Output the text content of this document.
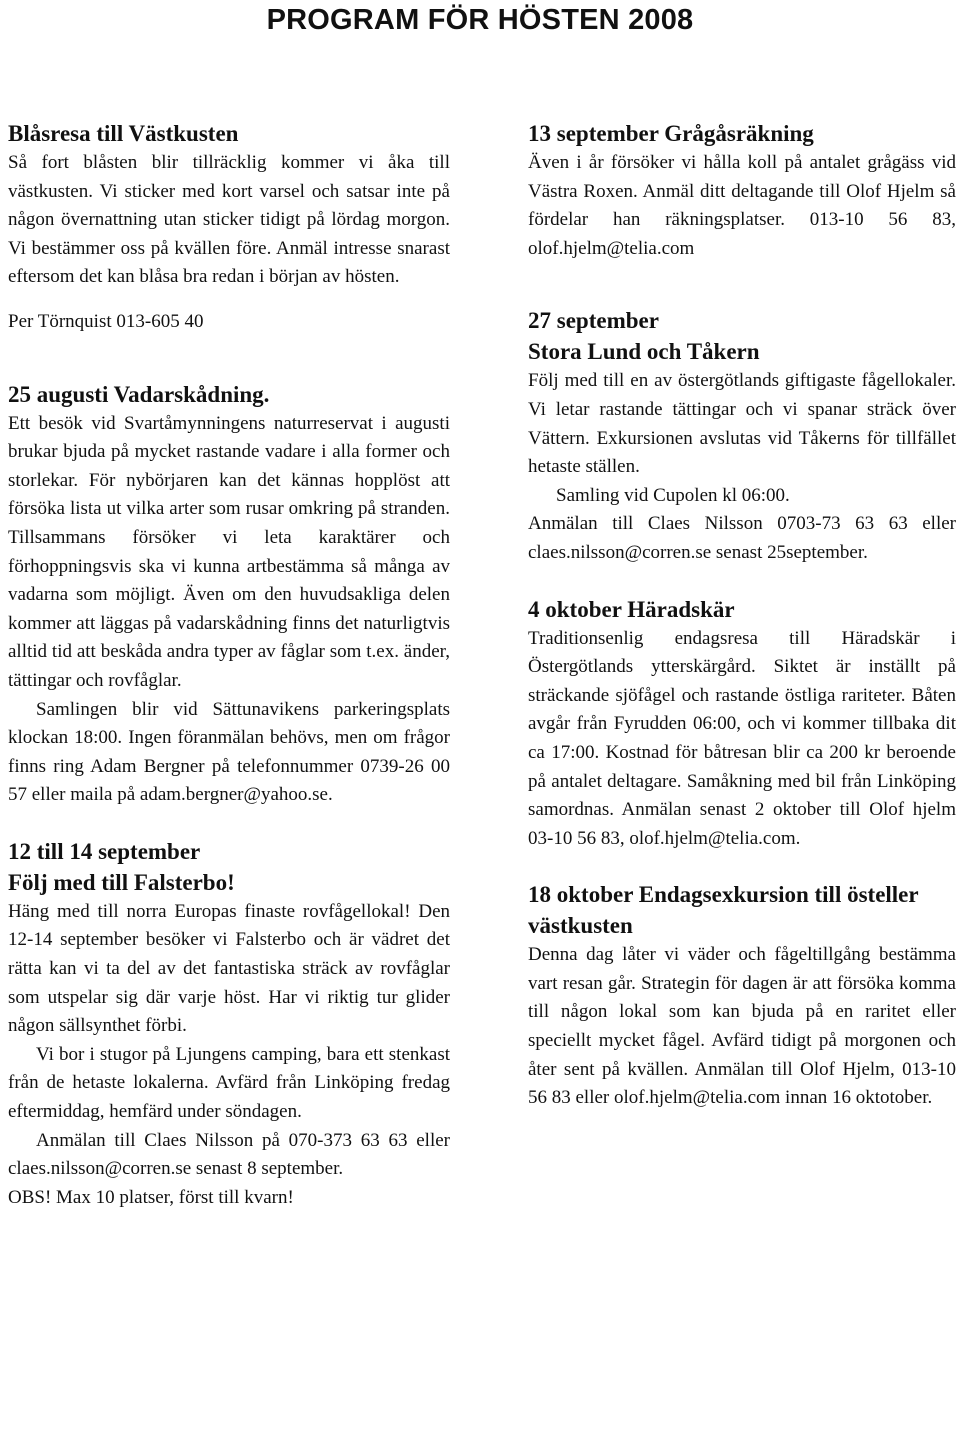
PROGRAM FÖR HÖSTEN 2008
Blåsresa till Västkusten

Så fort blåsten blir tillräcklig kommer vi åka till västkusten. Vi sticker med kort varsel och satsar inte på någon övernattning utan sticker tidigt på lördag morgon. Vi bestämmer oss på kvällen före. Anmäl intresse snarast eftersom det kan blåsa bra redan i början av hösten.

Per Törnquist 013-605 40

25 augusti Vadarskådning.

Ett besök vid Svartåmynningens naturreservat i augusti brukar bjuda på mycket rastande vadare i alla former och storlekar. För nybörjaren kan det kännas hopplöst att försöka lista ut vilka arter som rusar omkring på stranden. Tillsammans försöker vi leta karaktärer och förhoppningsvis ska vi kunna artbestämma så många av vadarna som möjligt. Även om den huvudsakliga delen kommer att läggas på vadarskådning finns det naturligtvis alltid tid att beskåda andra typer av fåglar som t.ex. änder, tättingar och rovfåglar.

Samlingen blir vid Sättunavikens parkeringsplats klockan 18:00. Ingen föranmälan behövs, men om frågor finns ring Adam Bergner på telefonnummer 0739-26 00 57 eller maila på adam.bergner@yahoo.se.

12 till 14 september
Följ med till Falsterbo!

Häng med till norra Europas finaste rovfågellokal! Den 12-14 september besöker vi Falsterbo och är vädret det rätta kan vi ta del av det fantastiska sträck av rovfåglar som utspelar sig där varje höst. Har vi riktig tur glider någon sällsynthet förbi.

Vi bor i stugor på Ljungens camping, bara ett stenkast från de hetaste lokalerna. Avfärd från Linköping fredag eftermiddag, hemfärd under söndagen.

Anmälan till Claes Nilsson på 070-373 63 63 eller claes.nilsson@corren.se senast 8 september.

OBS! Max 10 platser, först till kvarn!

13 september Grågåsräkning

Även i år försöker vi hålla koll på antalet grågäss vid Västra Roxen. Anmäl ditt deltagande till Olof Hjelm så fördelar han räkningsplatser. 013-10 56 83, olof.hjelm@telia.com

27 september
Stora Lund och Tåkern

Följ med till en av östergötlands giftigaste fågellokaler. Vi letar rastande tättingar och vi spanar sträck över Vättern. Exkursionen avslutas vid Tåkerns för tillfället hetaste ställen.

Samling vid Cupolen kl 06:00.

Anmälan till Claes Nilsson 0703-73 63 63 eller claes.nilsson@corren.se senast 25september.

4 oktober Häradskär

Traditionsenlig endagsresa till Häradskär i Östergötlands ytterskärgård. Siktet är inställt på sträckande sjöfågel och rastande östliga rariteter. Båten avgår från Fyrudden 06:00, och vi kommer tillbaka dit ca 17:00. Kostnad för båtresan blir ca 200 kr beroende på antalet deltagare. Samåkning med bil från Linköping samordnas. Anmälan senast 2 oktober till Olof hjelm 03-10 56 83, olof.hjelm@telia.com.

18 oktober Endagsexkursion till östeller västkusten

Denna dag låter vi väder och fågeltillgång bestämma vart resan går. Strategin för dagen är att försöka komma till någon lokal som kan bjuda på en raritet eller speciellt mycket fågel. Avfärd tidigt på morgonen och åter sent på kvällen. Anmälan till Olof Hjelm, 013-10 56 83 eller olof.hjelm@telia.com innan 16 oktotober.
